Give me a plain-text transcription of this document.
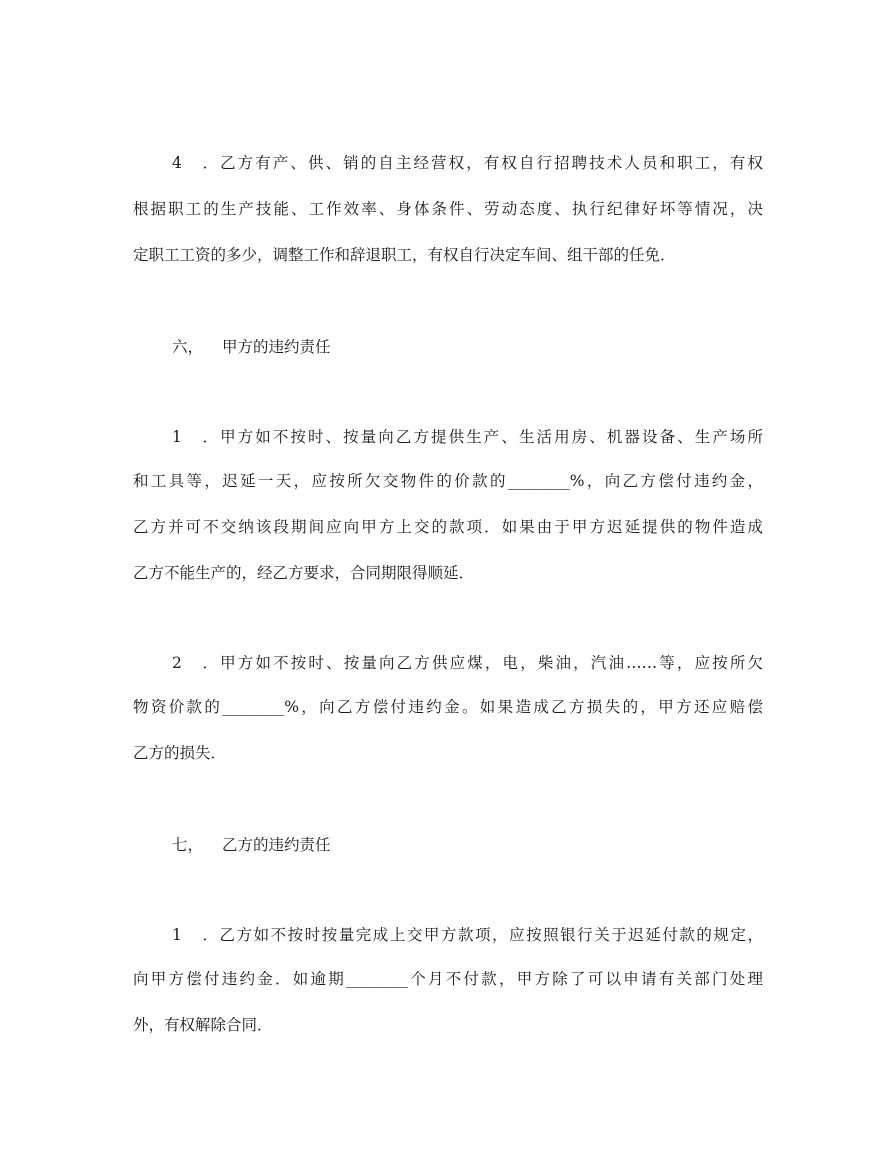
4．乙方有产、供、销的自主经营权，有权自行招聘技术人员和职工，有权
根据职工的生产技能、工作效率、身体条件、劳动态度、执行纪律好坏等情况，决
定职工工资的多少，调整工作和辞退职工，有权自行决定车间、组干部的任免．
六， 甲方的违约责任
1．甲方如不按时、按量向乙方提供生产、生活用房、机器设备、生产场所
和工具等，迟延一天，应按所欠交物件的价款的________%，向乙方偿付违约金，
乙方并可不交纳该段期间应向甲方上交的款项．如果由于甲方迟延提供的物件造成
乙方不能生产的，经乙方要求，合同期限得顺延．
2．甲方如不按时、按量向乙方供应煤，电，柴油，汽油……等，应按所欠
物资价款的________%，向乙方偿付违约金。如果造成乙方损失的，甲方还应赔偿
乙方的损失．
七， 乙方的违约责任
1．乙方如不按时按量完成上交甲方款项，应按照银行关于迟延付款的规定，
向甲方偿付违约金．如逾期________个月不付款，甲方除了可以申请有关部门处理
外，有权解除合同．
